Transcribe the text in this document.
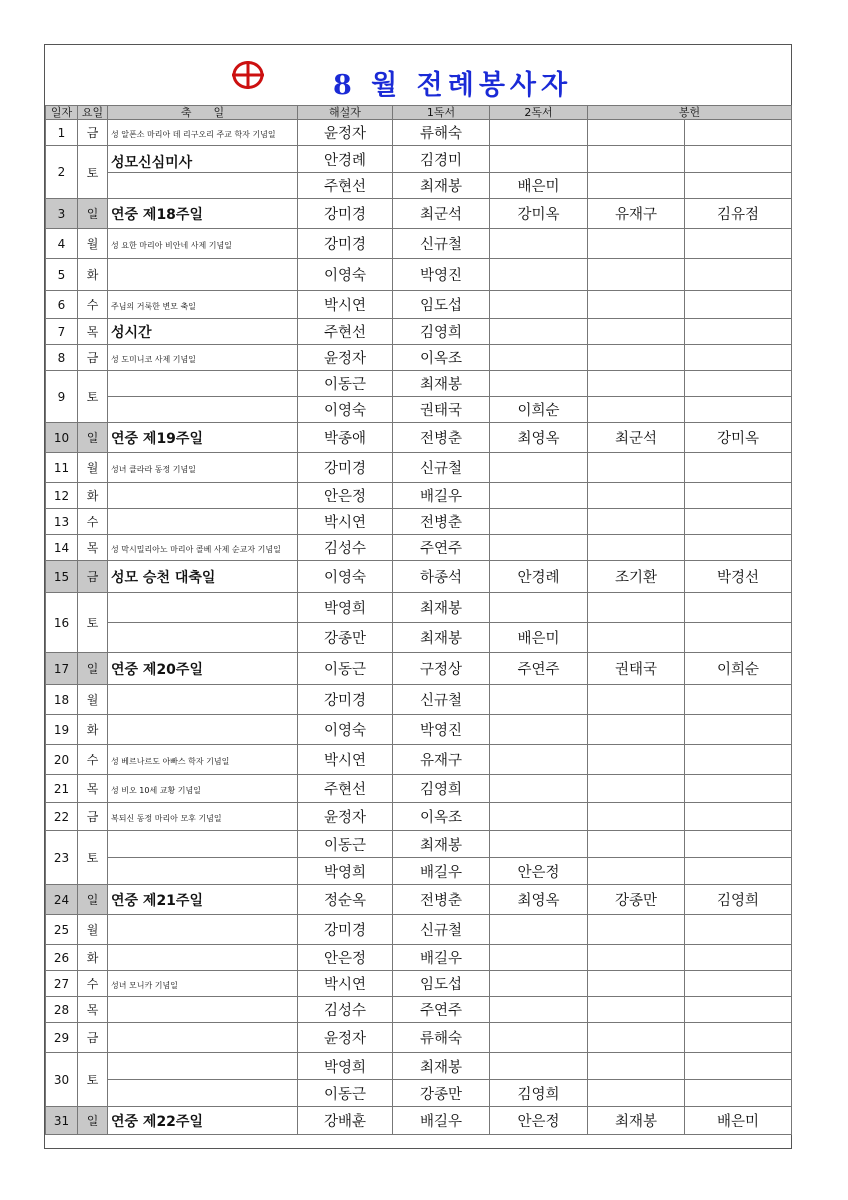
8 월 전례봉사자
일자	요일	축　　일	해설자	1독서	2독서	봉헌	
1	금	성 알폰소 마리아 데 리구오리 주교 학자 기념일	윤정자	류해숙			
2	토	성모신심미사	안경례	김경미			
			주현선	최재봉	배은미		
3	일	연중 제18주일	강미경	최군석	강미옥	유재구	김유점
4	월	성 요한 마리아 비안네 사제 기념일	강미경	신규철			
5	화		이영숙	박영진			
6	수	주님의 거룩한 변모 축일	박시연	임도섭			
7	목	성시간	주현선	김영희			
8	금	성 도미니코 사제 기념일	윤정자	이옥조			
9	토		이동근	최재봉			
			이영숙	권태국	이희순		
10	일	연중 제19주일	박종애	전병춘	최영옥	최군석	강미옥
11	월	성녀 클라라 동정 기념일	강미경	신규철			
12	화		안은정	배길우			
13	수		박시연	전병춘			
14	목	성 막시밀리아노 마리아 콜베 사제 순교자 기념일	김성수	주연주			
15	금	성모 승천 대축일	이영숙	하종석	안경례	조기환	박경선
16	토		박영희	최재봉			
			강종만	최재봉	배은미		
17	일	연중 제20주일	이동근	구정상	주연주	권태국	이희순
18	월		강미경	신규철			
19	화		이영숙	박영진			
20	수	성 베르나르도 아빠스 학자 기념일	박시연	유재구			
21	목	성 비오 10세 교황 기념일	주현선	김영희			
22	금	복되신 동정 마리아 모후 기념일	윤정자	이옥조			
23	토		이동근	최재봉			
			박영희	배길우	안은정		
24	일	연중 제21주일	정순옥	전병춘	최영옥	강종만	김영희
25	월		강미경	신규철			
26	화		안은정	배길우			
27	수	성녀 모니카 기념일	박시연	임도섭			
28	목		김성수	주연주			
29	금		윤정자	류해숙			
30	토		박영희	최재봉			
			이동근	강종만	김영희		
31	일	연중 제22주일	강배훈	배길우	안은정	최재봉	배은미
